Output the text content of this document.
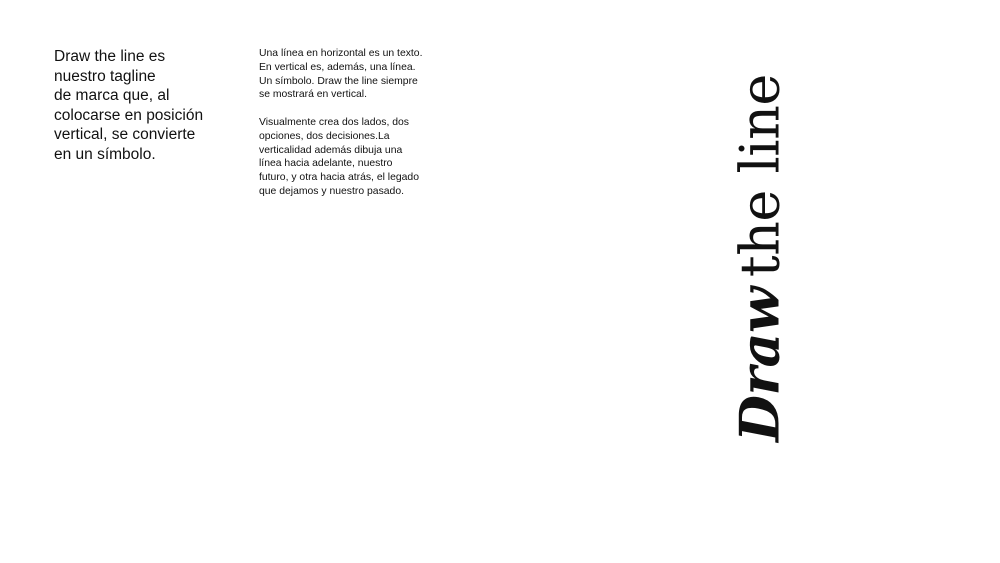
Draw the line es
nuestro tagline
de marca que, al
colocarse en posición
vertical, se convierte
en un símbolo.

Una línea en horizontal es un texto.
En vertical es, además, una línea.
Un símbolo. Draw the line siempre
se mostrará en vertical.

Visualmente crea dos lados, dos
opciones, dos decisiones.La
verticalidad además dibuja una
línea hacia adelante, nuestro
futuro, y otra hacia atrás, el legado
que dejamos y nuestro pasado.

Drawthe line
